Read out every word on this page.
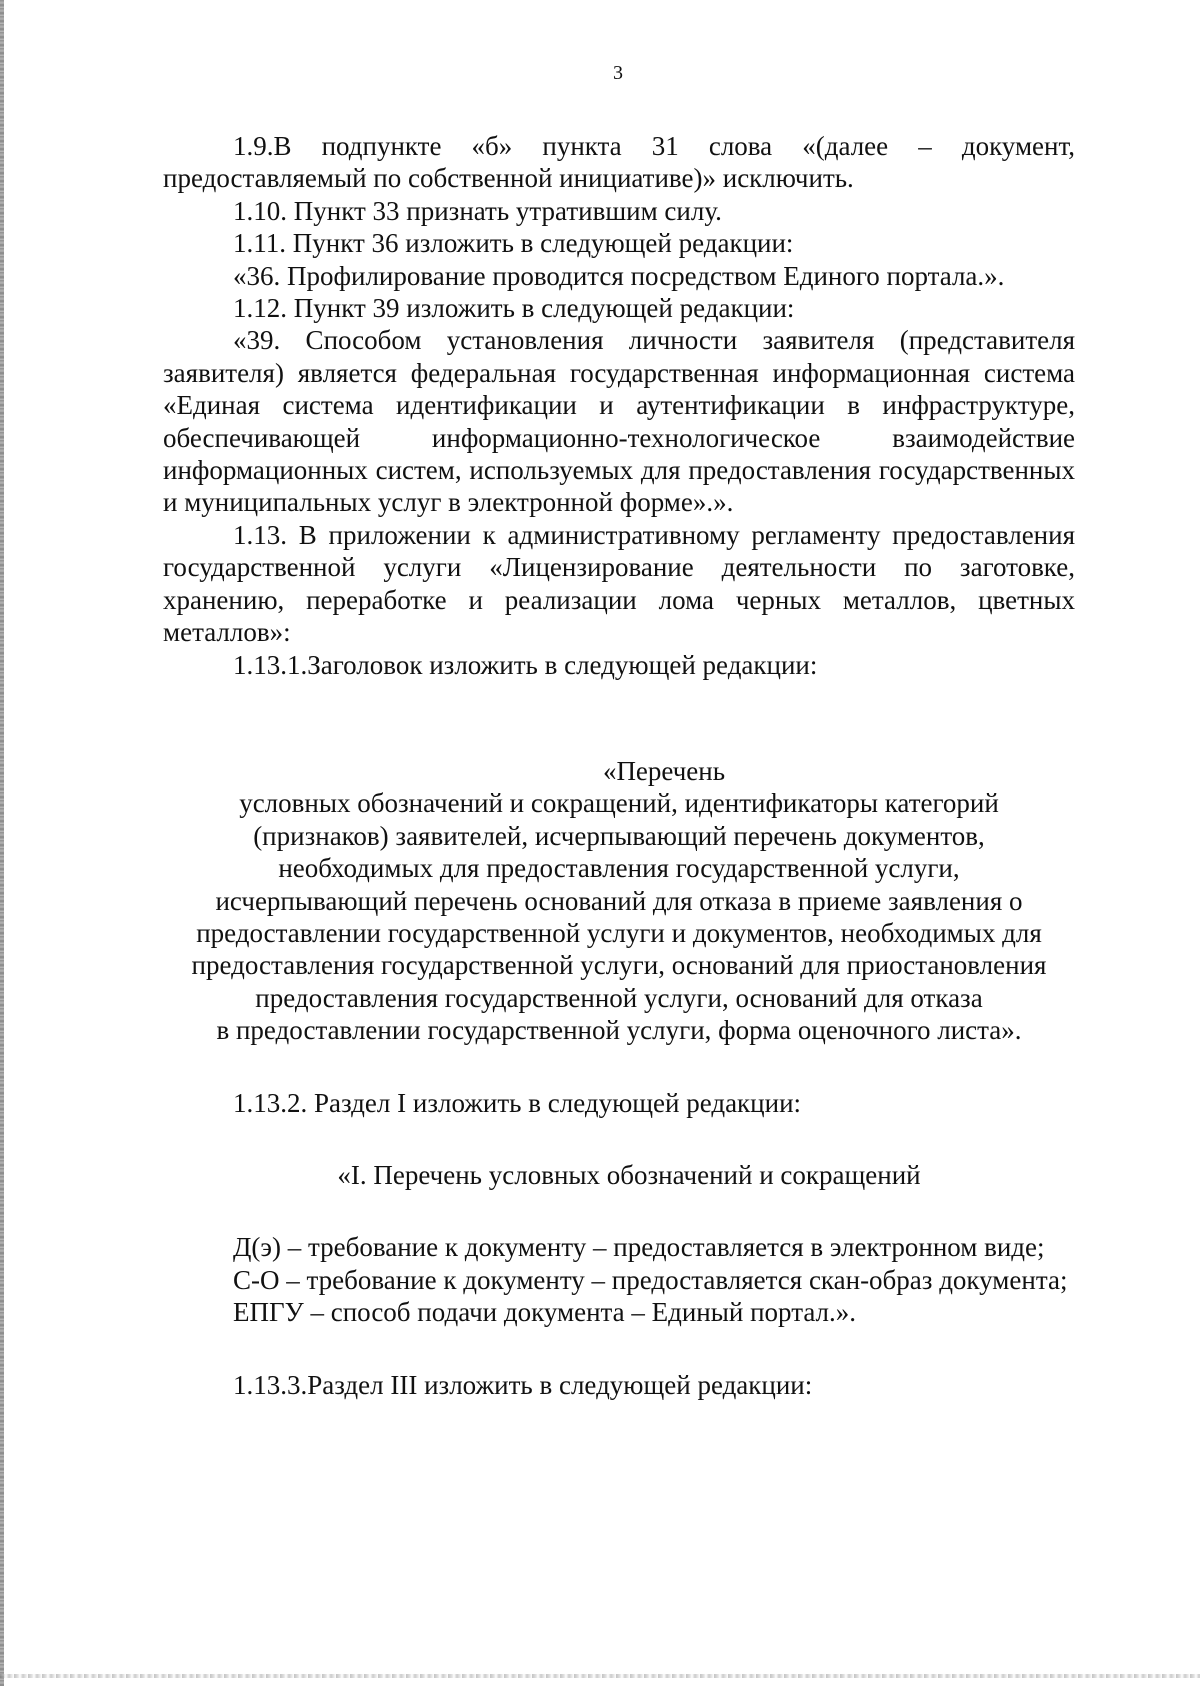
3

1.9.В подпункте «б» пункта 31 слова «(далее – документ, предоставляемый по собственной инициативе)» исключить.

1.10. Пункт 33 признать утратившим силу.

1.11. Пункт 36 изложить в следующей редакции:

«36. Профилирование проводится посредством Единого портала.».

1.12. Пункт 39 изложить в следующей редакции:

«39. Способом установления личности заявителя (представителя заявителя) является федеральная государственная информационная система «Единая система идентификации и аутентификации в инфраструктуре, обеспечивающей информационно-технологическое взаимодействие информационных систем, используемых для предоставления государственных и муниципальных услуг в электронной форме».».

1.13. В приложении к административному регламенту предоставления государственной услуги «Лицензирование деятельности по заготовке, хранению, переработке и реализации лома черных металлов, цветных металлов»:

1.13.1.Заголовок изложить в следующей редакции:

«Перечень

условных обозначений и сокращений, идентификаторы категорий

(признаков) заявителей, исчерпывающий перечень документов,

необходимых для предоставления государственной услуги,

исчерпывающий перечень оснований для отказа в приеме заявления о

предоставлении государственной услуги и документов, необходимых для

предоставления государственной услуги, оснований для приостановления

предоставления государственной услуги, оснований для отказа

в предоставлении государственной услуги, форма оценочного листа».

1.13.2. Раздел I изложить в следующей редакции:

«I. Перечень условных обозначений и сокращений

Д(э) – требование к документу – предоставляется в электронном виде;

С-О – требование к документу – предоставляется скан-образ документа;

ЕПГУ – способ подачи документа – Единый портал.».

1.13.3.Раздел III изложить в следующей редакции:
